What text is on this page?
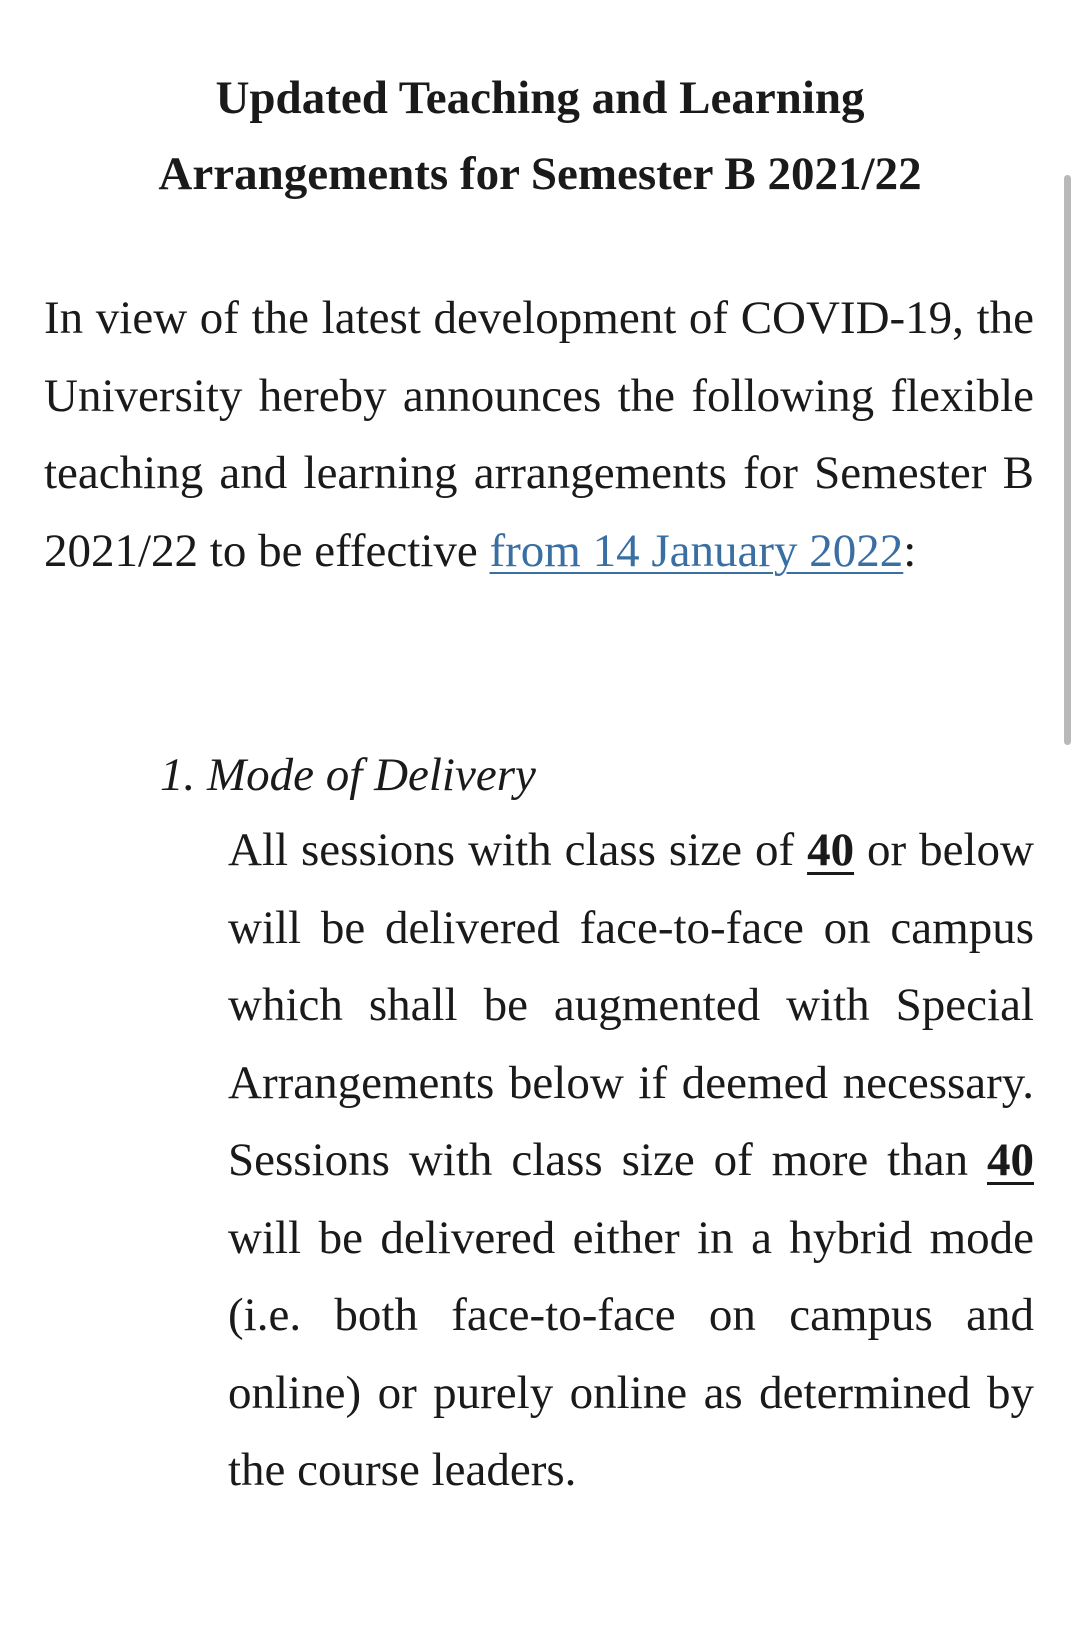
Updated Teaching and Learning
Arrangements for Semester B 2021/22

In view of the latest development of COVID-19, the University hereby announces the following flexible teaching and learning arrangements for Semester B 2021/22 to be effective from 14 January 2022:

1. Mode of Delivery

All sessions with class size of 40 or below will be delivered face-to-face on campus which shall be augmented with Special Arrangements below if deemed necessary. Sessions with class size of more than 40 will be delivered either in a hybrid mode (i.e. both face-to-face on campus and online) or purely online as determined by the course leaders.
